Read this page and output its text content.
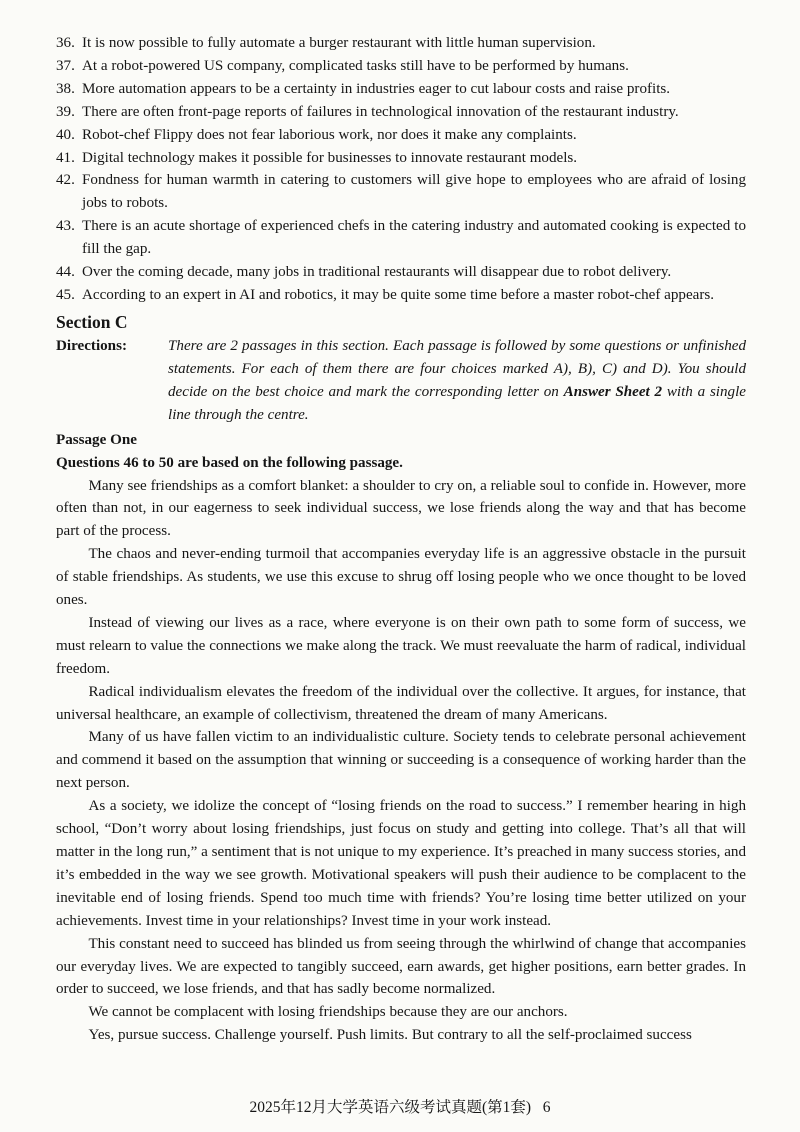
36. It is now possible to fully automate a burger restaurant with little human supervision.
37. At a robot-powered US company, complicated tasks still have to be performed by humans.
38. More automation appears to be a certainty in industries eager to cut labour costs and raise profits.
39. There are often front-page reports of failures in technological innovation of the restaurant industry.
40. Robot-chef Flippy does not fear laborious work, nor does it make any complaints.
41. Digital technology makes it possible for businesses to innovate restaurant models.
42. Fondness for human warmth in catering to customers will give hope to employees who are afraid of losing jobs to robots.
43. There is an acute shortage of experienced chefs in the catering industry and automated cooking is expected to fill the gap.
44. Over the coming decade, many jobs in traditional restaurants will disappear due to robot delivery.
45. According to an expert in AI and robotics, it may be quite some time before a master robot-chef appears.
Section C
Directions:	There are 2 passages in this section. Each passage is followed by some questions or unfinished statements. For each of them there are four choices marked A), B), C) and D). You should decide on the best choice and mark the corresponding letter on Answer Sheet 2 with a single line through the centre.
Passage One
Questions 46 to 50 are based on the following passage.

Many see friendships as a comfort blanket: a shoulder to cry on, a reliable soul to confide in. However, more often than not, in our eagerness to seek individual success, we lose friends along the way and that has become part of the process.

The chaos and never-ending turmoil that accompanies everyday life is an aggressive obstacle in the pursuit of stable friendships. As students, we use this excuse to shrug off losing people who we once thought to be loved ones.

Instead of viewing our lives as a race, where everyone is on their own path to some form of success, we must relearn to value the connections we make along the track. We must reevaluate the harm of radical, individual freedom.

Radical individualism elevates the freedom of the individual over the collective. It argues, for instance, that universal healthcare, an example of collectivism, threatened the dream of many Americans.

Many of us have fallen victim to an individualistic culture. Society tends to celebrate personal achievement and commend it based on the assumption that winning or succeeding is a consequence of working harder than the next person.

As a society, we idolize the concept of “losing friends on the road to success.” I remember hearing in high school, “Don’t worry about losing friendships, just focus on study and getting into college. That’s all that will matter in the long run,” a sentiment that is not unique to my experience. It’s preached in many success stories, and it’s embedded in the way we see growth. Motivational speakers will push their audience to be complacent to the inevitable end of losing friends. Spend too much time with friends? You’re losing time better utilized on your achievements. Invest time in your relationships? Invest time in your work instead.

This constant need to succeed has blinded us from seeing through the whirlwind of change that accompanies our everyday lives. We are expected to tangibly succeed, earn awards, get higher positions, earn better grades. In order to succeed, we lose friends, and that has sadly become normalized.

We cannot be complacent with losing friendships because they are our anchors.

Yes, pursue success. Challenge yourself. Push limits. But contrary to all the self-proclaimed success

2025年12月大学英语六级考试真题(第1套)   6
